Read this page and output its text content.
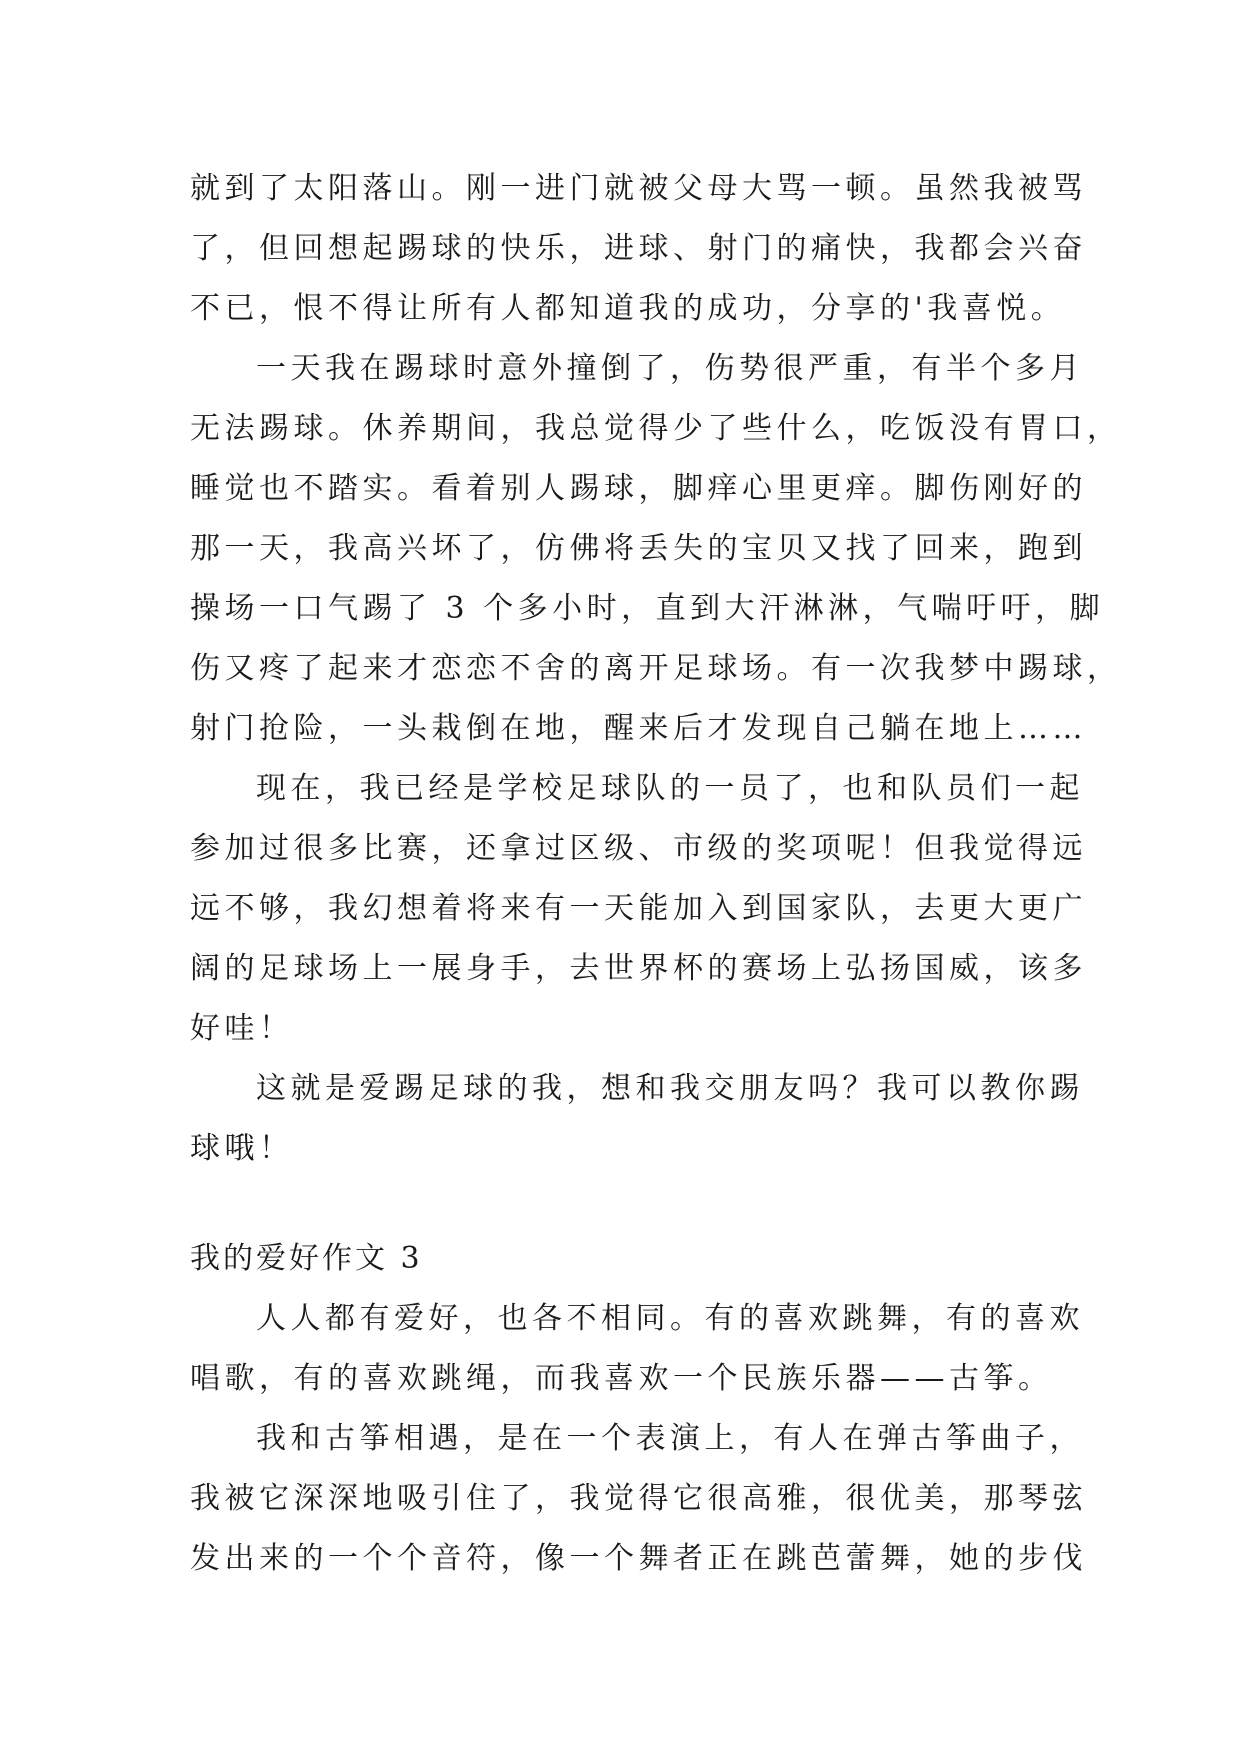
就到了太阳落山。刚一进门就被父母大骂一顿。虽然我被骂
了，但回想起踢球的快乐，进球、射门的痛快，我都会兴奋
不已，恨不得让所有人都知道我的成功，分享的'我喜悦。
一天我在踢球时意外撞倒了，伤势很严重，有半个多月
无法踢球。休养期间，我总觉得少了些什么，吃饭没有胃口，
睡觉也不踏实。看着别人踢球，脚痒心里更痒。脚伤刚好的
那一天，我高兴坏了，仿佛将丢失的宝贝又找了回来，跑到
操场一口气踢了 3 个多小时，直到大汗淋淋，气喘吁吁，脚
伤又疼了起来才恋恋不舍的离开足球场。有一次我梦中踢球，
射门抢险，一头栽倒在地，醒来后才发现自己躺在地上……
现在，我已经是学校足球队的一员了，也和队员们一起
参加过很多比赛，还拿过区级、市级的奖项呢！但我觉得远
远不够，我幻想着将来有一天能加入到国家队，去更大更广
阔的足球场上一展身手，去世界杯的赛场上弘扬国威，该多
好哇！
这就是爱踢足球的我，想和我交朋友吗？我可以教你踢
球哦！
我的爱好作文 3
人人都有爱好，也各不相同。有的喜欢跳舞，有的喜欢
唱歌，有的喜欢跳绳，而我喜欢一个民族乐器——古筝。
我和古筝相遇，是在一个表演上，有人在弹古筝曲子，
我被它深深地吸引住了，我觉得它很高雅，很优美，那琴弦
发出来的一个个音符，像一个舞者正在跳芭蕾舞，她的步伐
